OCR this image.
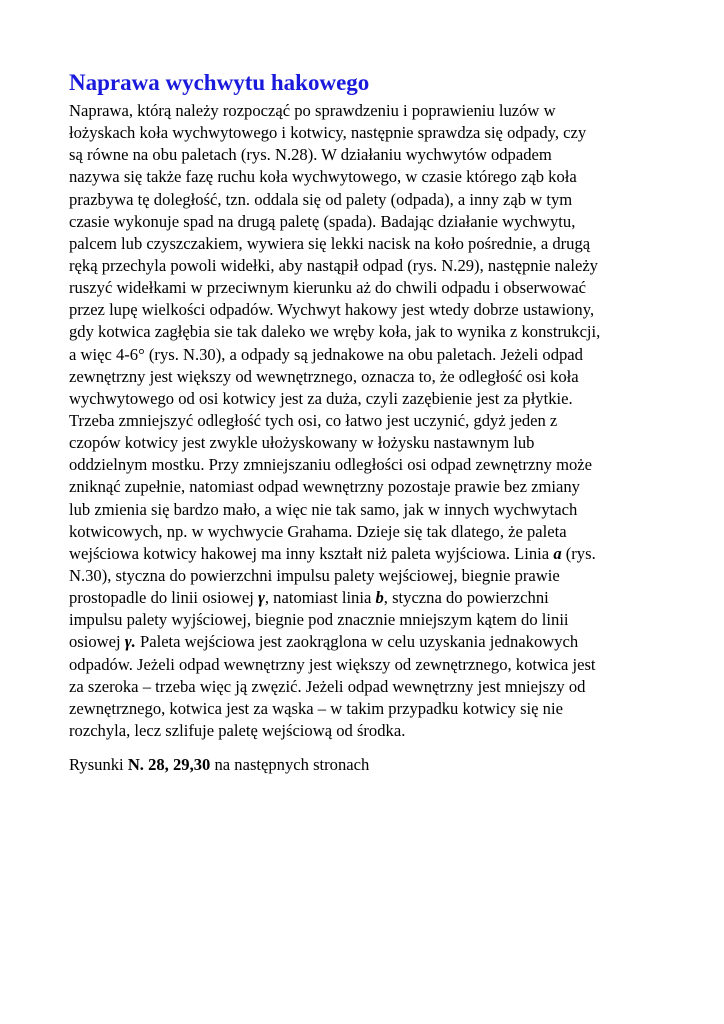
Naprawa wychwytu hakowego
Naprawa, którą należy rozpocząć po sprawdzeniu i poprawieniu luzów w
łożyskach koła wychwytowego i kotwicy, następnie sprawdza się odpady, czy
są równe na obu paletach (rys. N.28). W działaniu wychwytów odpadem
nazywa się także fazę ruchu koła wychwytowego, w czasie którego ząb koła
prazbywa tę doległość, tzn. oddala się od palety (odpada), a inny ząb w tym
czasie wykonuje spad na drugą paletę (spada). Badając działanie wychwytu,
palcem lub czyszczakiem, wywiera się lekki nacisk na koło pośrednie, a drugą
ręką przechyla powoli widełki, aby nastąpił odpad (rys. N.29), następnie należy
ruszyć widełkami w przeciwnym kierunku aż do chwili odpadu i obserwować
przez lupę wielkości odpadów. Wychwyt hakowy jest wtedy dobrze ustawiony,
gdy kotwica zagłębia sie tak daleko we wręby koła, jak to wynika z konstrukcji,
a więc 4-6° (rys. N.30), a odpady są jednakowe na obu paletach. Jeżeli odpad
zewnętrzny jest większy od wewnętrznego, oznacza to, że odległość osi koła
wychwytowego od osi kotwicy jest za duża, czyli zazębienie jest za płytkie.
Trzeba zmniejszyć odległość tych osi, co łatwo jest uczynić, gdyż jeden z
czopów kotwicy jest zwykle ułożyskowany w łożysku nastawnym lub
oddzielnym mostku. Przy zmniejszaniu odległości osi odpad zewnętrzny może
zniknąć zupełnie, natomiast odpad wewnętrzny pozostaje prawie bez zmiany
lub zmienia się bardzo mało, a więc nie tak samo, jak w innych wychwytach
kotwicowych, np. w wychwycie Grahama. Dzieje się tak dlatego, że paleta
wejściowa kotwicy hakowej ma inny kształt niż paleta wyjściowa. Linia a (rys.
N.30), styczna do powierzchni impulsu palety wejściowej, biegnie prawie
prostopadle do linii osiowej γ, natomiast linia b, styczna do powierzchni
impulsu palety wyjściowej, biegnie pod znacznie mniejszym kątem do linii
osiowej γ. Paleta wejściowa jest zaokrąglona w celu uzyskania jednakowych
odpadów. Jeżeli odpad wewnętrzny jest większy od zewnętrznego, kotwica jest
za szeroka – trzeba więc ją zwęzić. Jeżeli odpad wewnętrzny jest mniejszy od
zewnętrznego, kotwica jest za wąska – w takim przypadku kotwicy się nie
rozchyla, lecz szlifuje paletę wejściową od środka.
Rysunki N. 28, 29,30 na następnych stronach
